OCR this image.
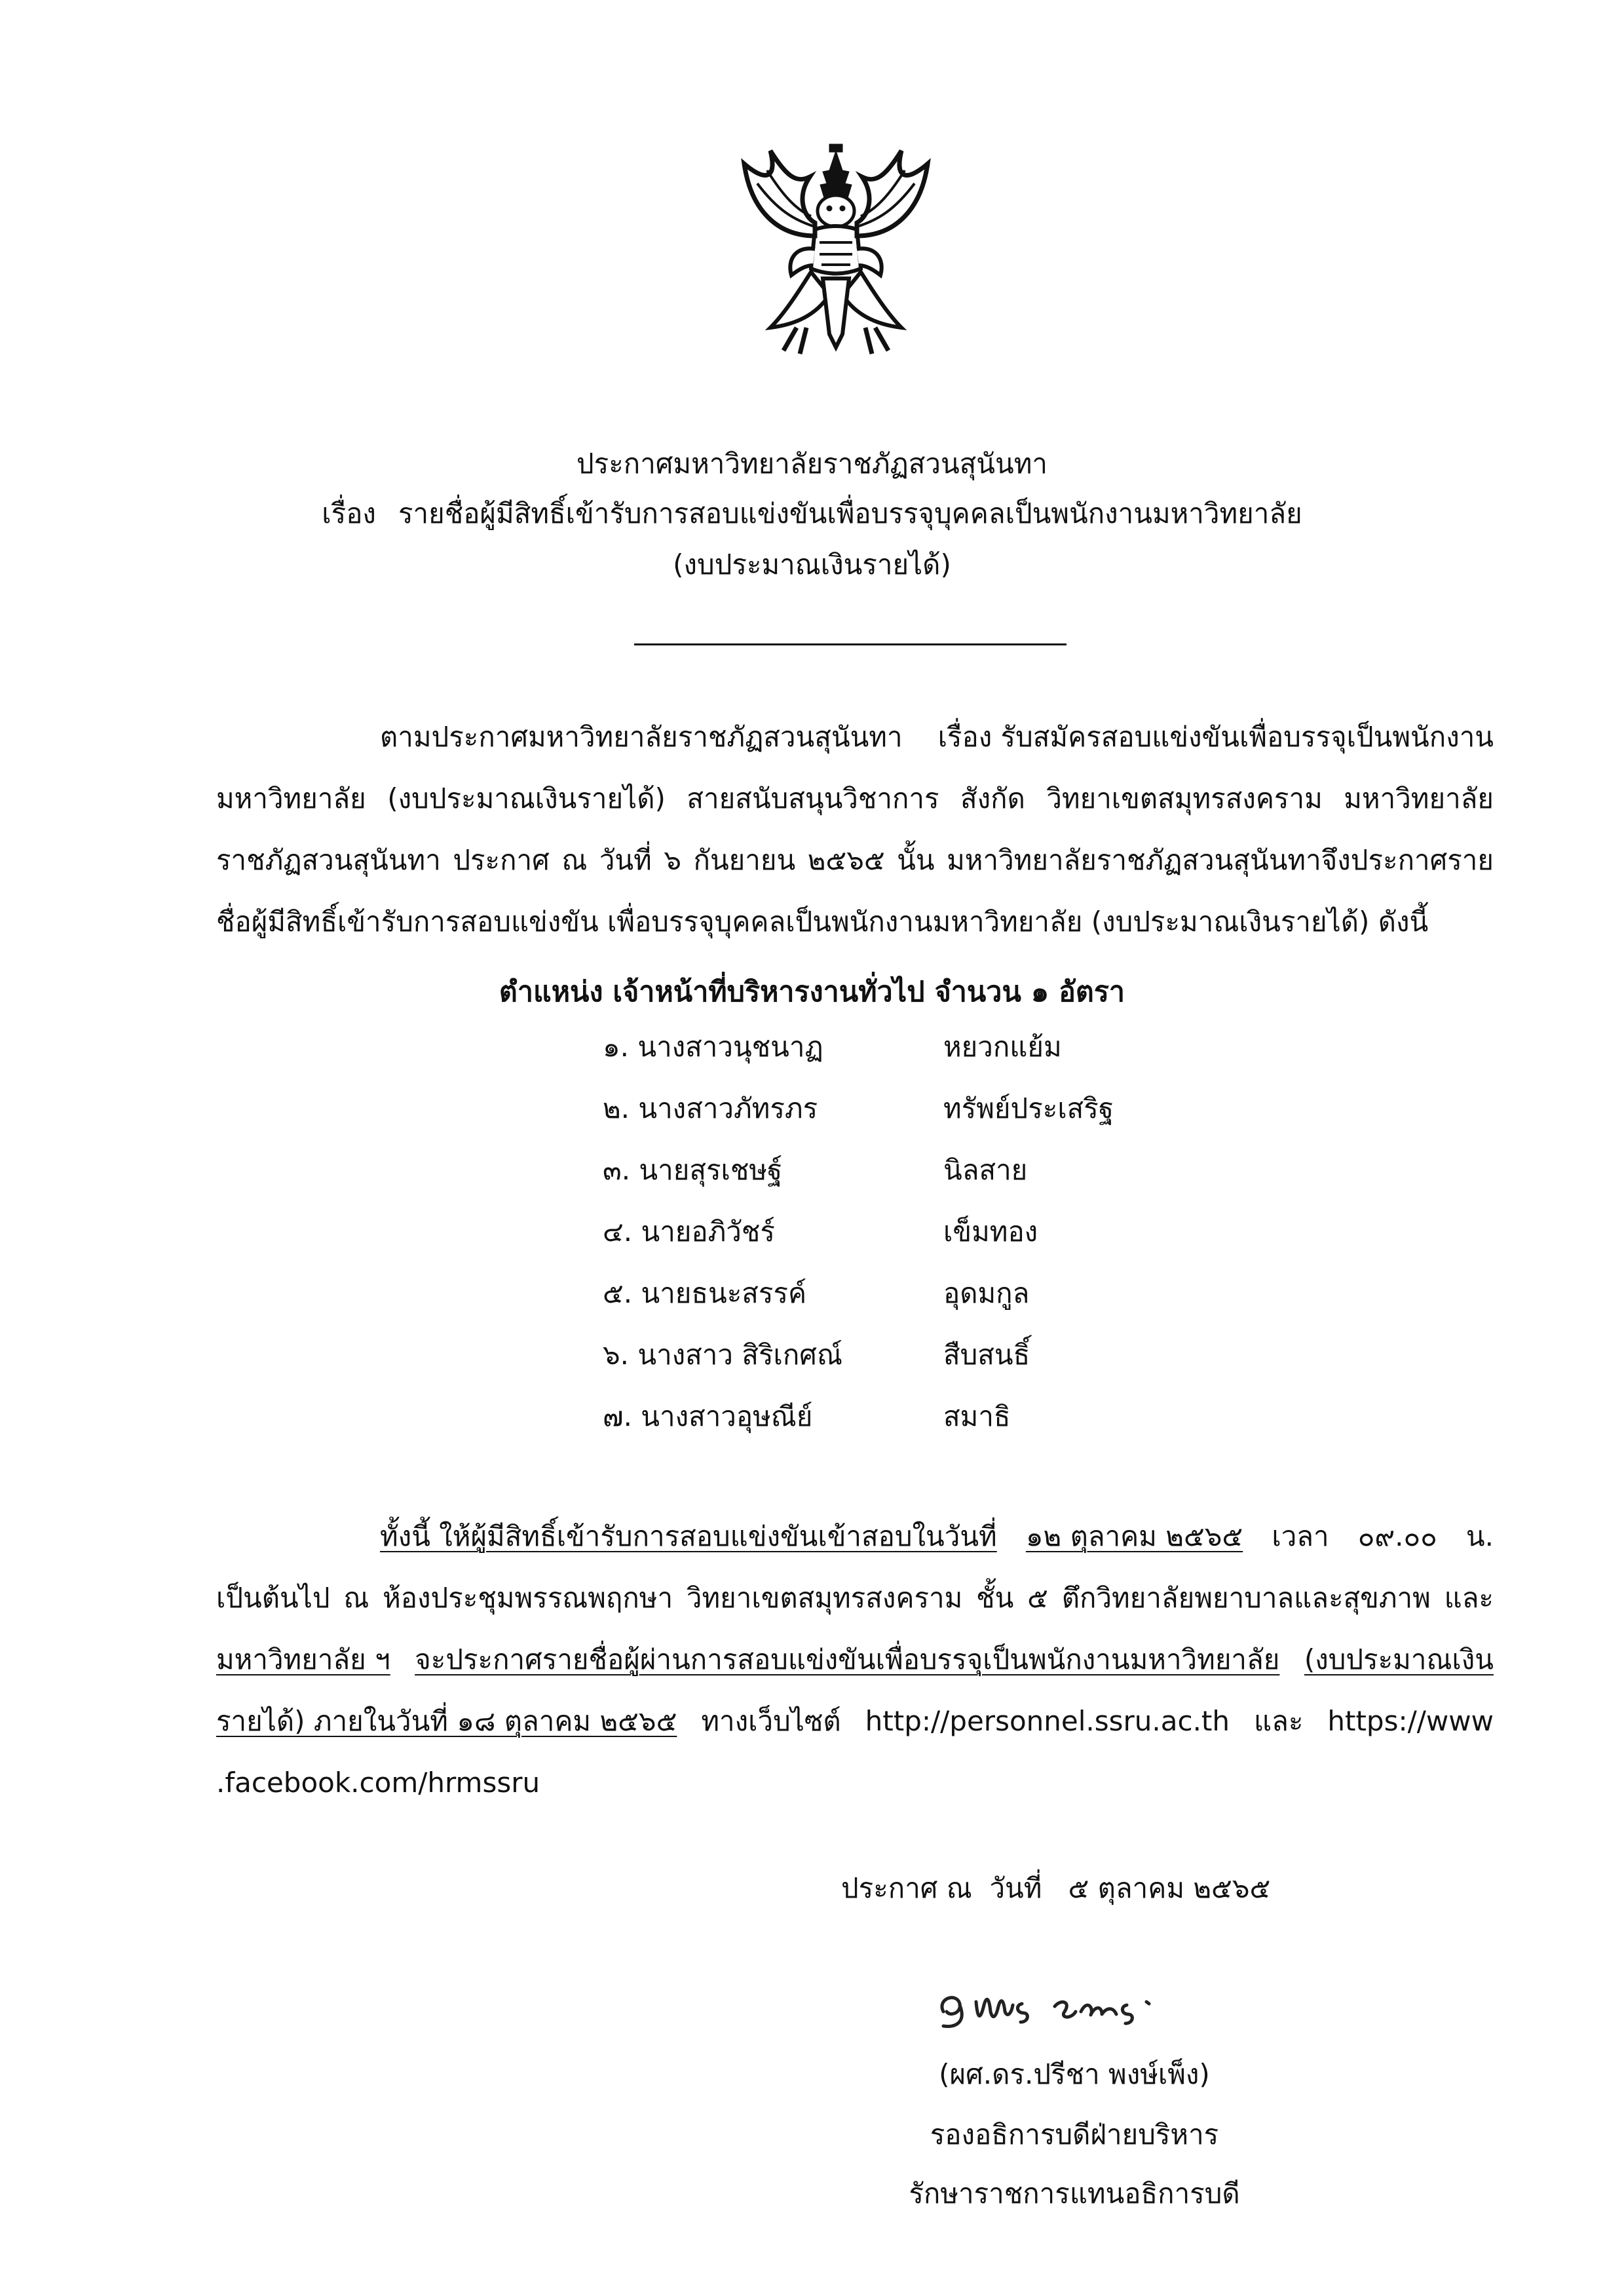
ประกาศมหาวิทยาลัยราชภัฏสวนสุนันทา
เรื่อง รายชื่อผู้มีสิทธิ์เข้ารับการสอบแข่งขันเพื่อบรรจุบุคคลเป็นพนักงานมหาวิทยาลัย
(งบประมาณเงินรายได้)
ตามประกาศมหาวิทยาลัยราชภัฏสวนสุนันทา เรื่อง รับสมัครสอบแข่งขันเพื่อบรรจุเป็นพนักงาน
มหาวิทยาลัย (งบประมาณเงินรายได้) สายสนับสนุนวิชาการ สังกัด วิทยาเขตสมุทรสงคราม มหาวิทยาลัย
ราชภัฏสวนสุนันทา ประกาศ ณ วันที่ ๖ กันยายน ๒๕๖๕ นั้น มหาวิทยาลัยราชภัฏสวนสุนันทาจึงประกาศราย
ชื่อผู้มีสิทธิ์เข้ารับการสอบแข่งขัน เพื่อบรรจุบุคคลเป็นพนักงานมหาวิทยาลัย (งบประมาณเงินรายได้) ดังนี้
ตำแหน่ง เจ้าหน้าที่บริหารงานทั่วไป จำนวน ๑ อัตรา
๑. นางสาวนุชนาฏ	หยวกแย้ม
๒. นางสาวภัทรภร	ทรัพย์ประเสริฐ
๓. นายสุรเชษฐ์	นิลสาย
๔. นายอภิวัชร์	เข็มทอง
๕. นายธนะสรรค์	อุดมกูล
๖. นางสาว สิริเกศณ์	สืบสนธิ์
๗. นางสาวอุษณีย์	สมาธิ
ทั้งนี้ ให้ผู้มีสิทธิ์เข้ารับการสอบแข่งขันเข้าสอบในวันที่ ๑๒ ตุลาคม ๒๕๖๕ เวลา ๐๙.๐๐ น.
เป็นต้นไป ณ ห้องประชุมพรรณพฤกษา วิทยาเขตสมุทรสงคราม ชั้น ๕ ตึกวิทยาลัยพยาบาลและสุขภาพ และ
มหาวิทยาลัย ฯ จะประกาศรายชื่อผู้ผ่านการสอบแข่งขันเพื่อบรรจุเป็นพนักงานมหาวิทยาลัย (งบประมาณเงิน
รายได้) ภายในวันที่ ๑๘ ตุลาคม ๒๕๖๕ ทางเว็บไซต์ http://personnel.ssru.ac.th และ https://www
.facebook.com/hrmssru
ประกาศ ณ  วันที่   ๕ ตุลาคม ๒๕๖๕
(ผศ.ดร.ปรีชา พงษ์เพ็ง)
รองอธิการบดีฝ่ายบริหาร
รักษาราชการแทนอธิการบดี
